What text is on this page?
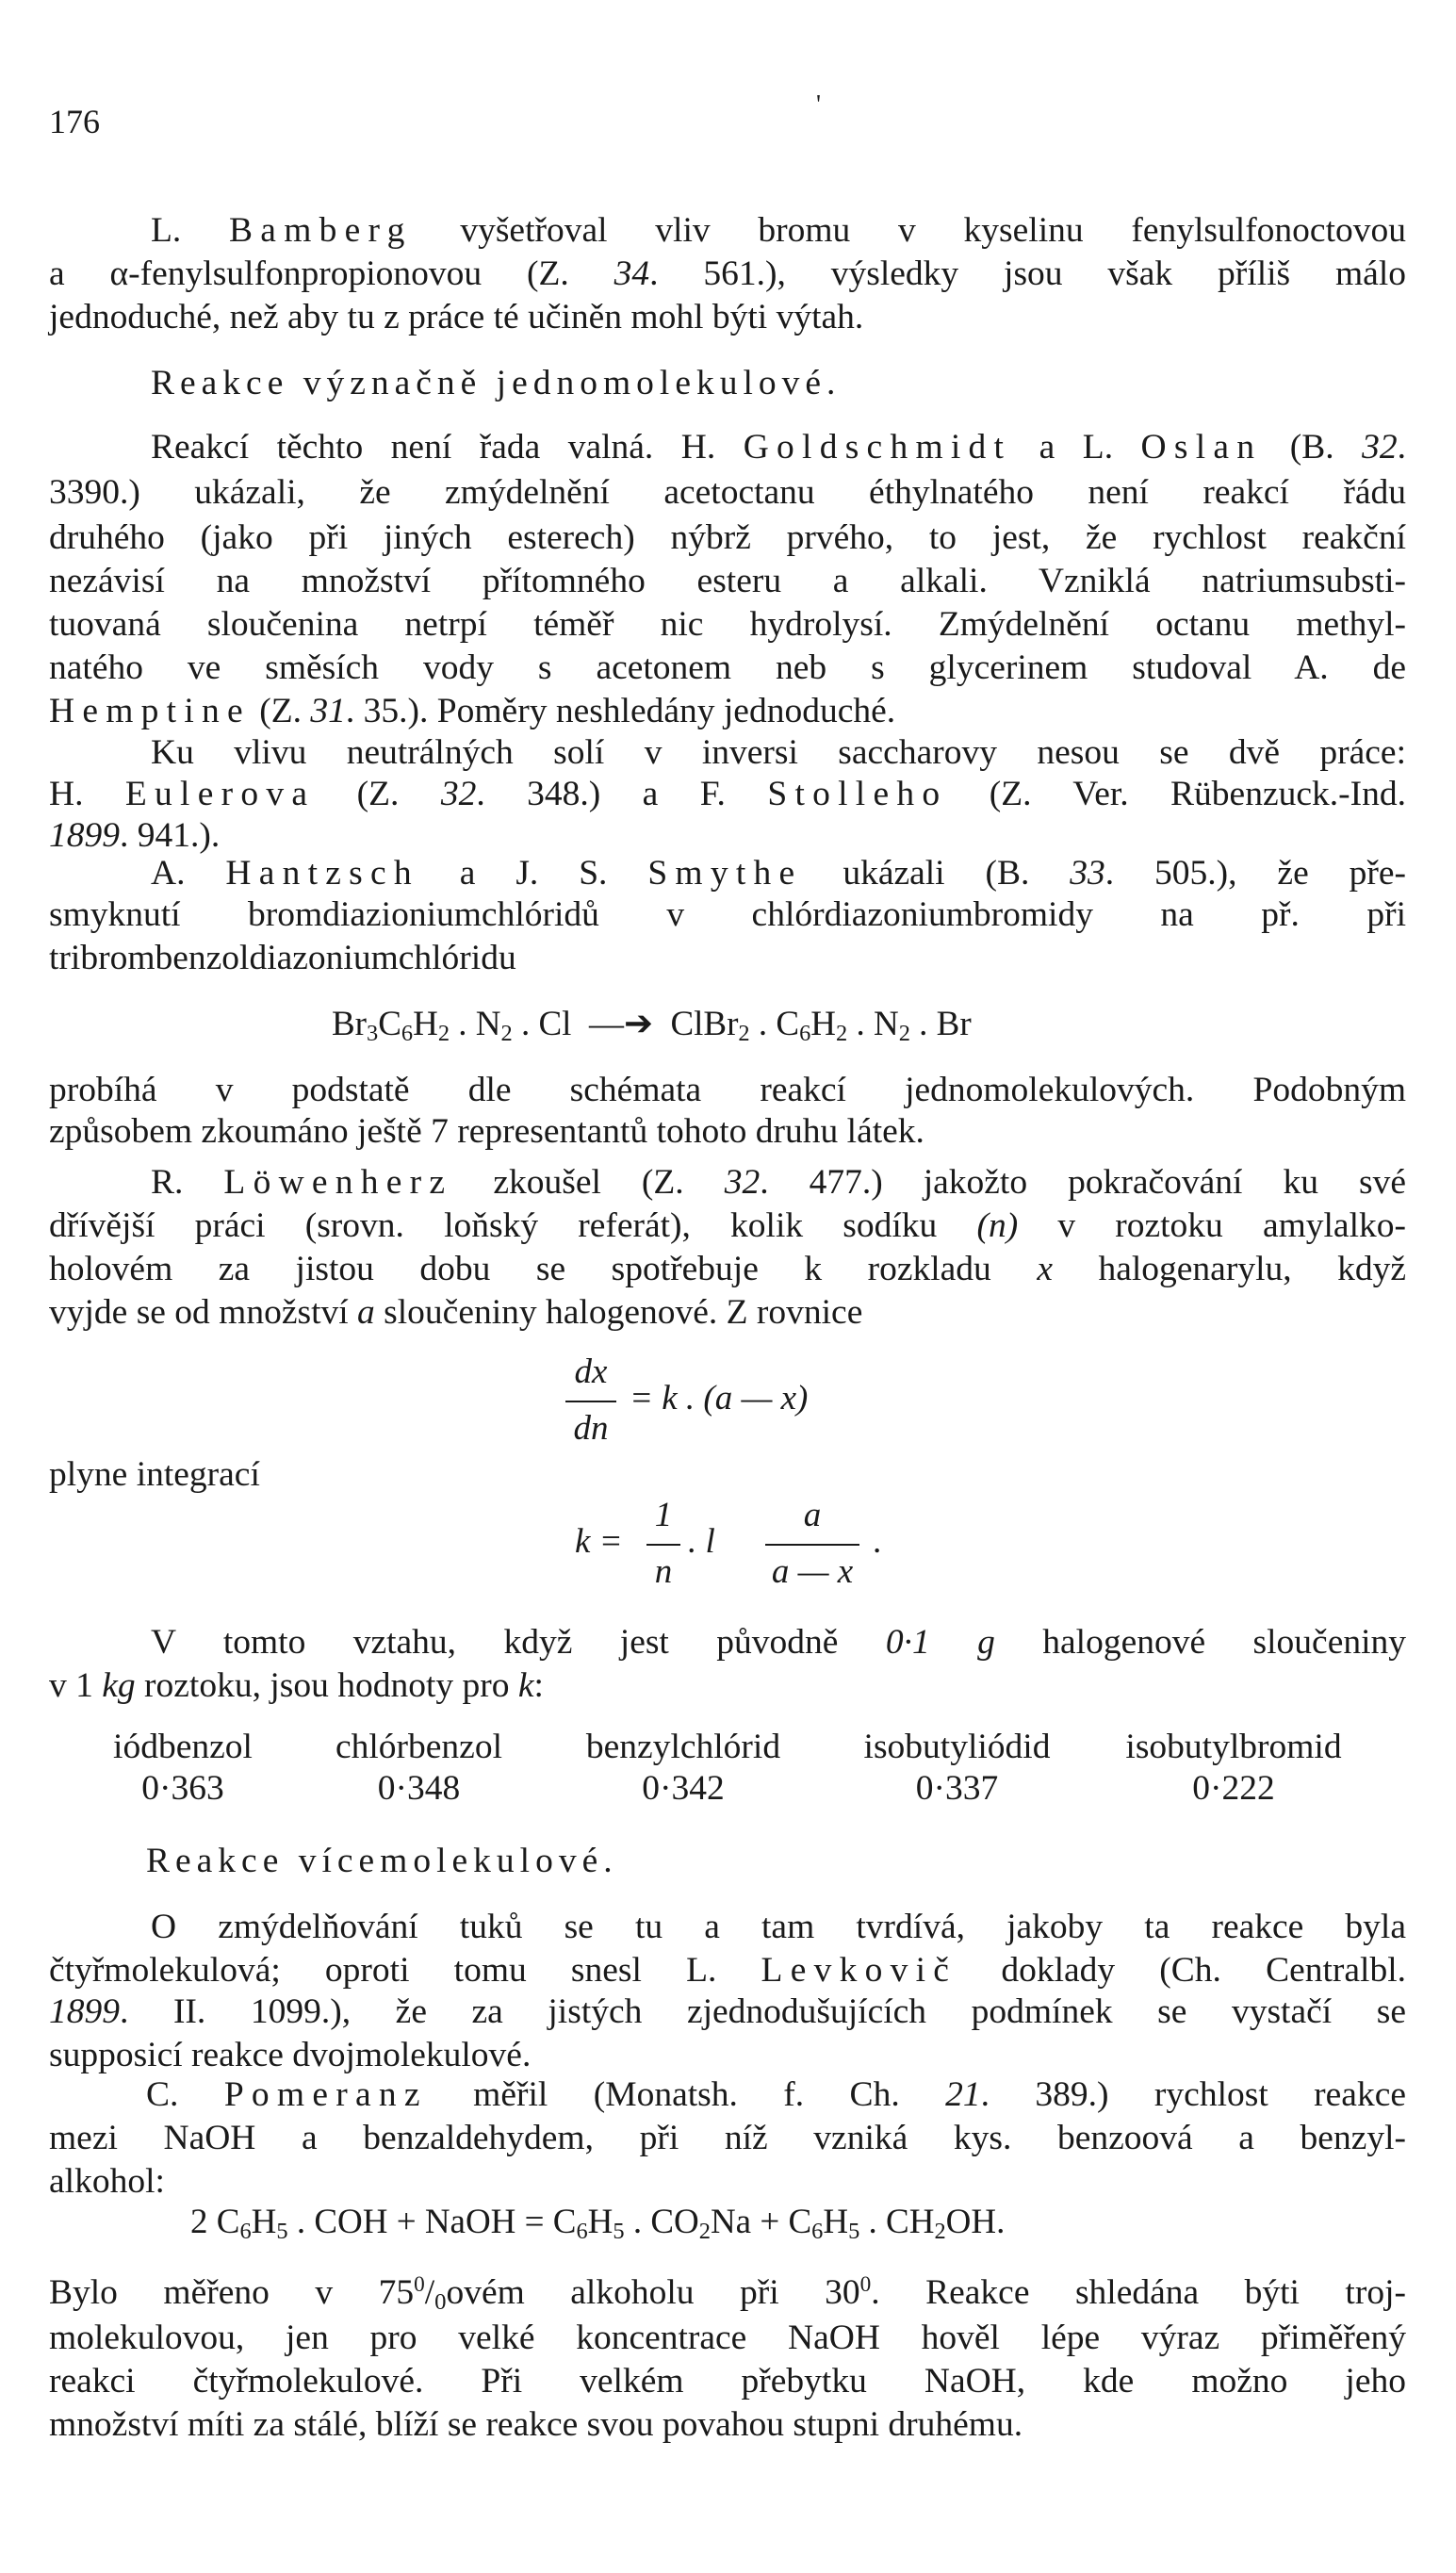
176	'
L. Bamberg vyšetřoval vliv bromu v kyselinu fenylsulfonoctovou
a α-fenylsulfonpropionovou (Z. 34. 561.), výsledky jsou však příliš málo
jednoduché, než aby tu z práce té učiněn mohl býti výtah.
Reakce význačně jednomolekulové.
Reakcí těchto není řada valná. H. Goldschmidt a L. Oslan (B. 32.
3390.) ukázali, že zmýdelnění acetoctanu éthylnatého není reakcí řádu
druhého (jako při jiných esterech) nýbrž prvého, to jest, že rychlost reakční
nezávisí na množství přítomného esteru a alkali. Vzniklá natriumsubsti-
tuovaná sloučenina netrpí téměř nic hydrolysí. Zmýdelnění octanu methyl-
natého ve směsích vody s acetonem neb s glycerinem studoval A. de
Hemptine (Z. 31. 35.). Poměry neshledány jednoduché.
Ku vlivu neutrálných solí v inversi saccharovy nesou se dvě práce:
H. Eulerova (Z. 32. 348.) a F. Stolleho (Z. Ver. Rübenzuck.-Ind.
1899. 941.).
A. Hantzsch a J. S. Smythe ukázali (B. 33. 505.), že pře-
smyknutí bromdiazioniumchlóridů v chlórdiazoniumbromidy na př. při
tribrombenzoldiazoniumchlóridu
$Br_3C_6H_2$ . $N_2$ . Cl —➔ ClBr$_2$ . $C_6H_2$ . $N_2$ . Br
probíhá v podstatě dle schémata reakcí jednomolekulových. Podobným
způsobem zkoumáno ještě 7 representantů tohoto druhu látek.
R. Löwenherz zkoušel (Z. 32. 477.) jakožto pokračování ku své
dřívější práci (srovn. loňský referát), kolik sodíku (n) v roztoku amylalko-
holovém za jistou dobu se spotřebuje k rozkladu x halogenarylu, když
vyjde se od množství a sloučeniny halogenové. Z rovnice
dx
dn
= k . (a — x)
plyne integrací
k =
1
n
. l
a
a — x
.
V tomto vztahu, když jest původně 0·1 g halogenové sloučeniny
v 1 kg roztoku, jsou hodnoty pro k:
iódbenzol	chlórbenzol	benzylchlórid	isobutyliódid	isobutylbromid
0·363	0·348	0·342	0·337	0·222
Reakce vícemolekulové.
O zmýdelňování tuků se tu a tam tvrdívá, jakoby ta reakce byla
čtyřmolekulová; oproti tomu snesl L. Levkovič doklady (Ch. Centralbl.
1899. II. 1099.), že za jistých zjednodušujících podmínek se vystačí se
supposicí reakce dvojmolekulové.
C. Pomeranz měřil (Monatsh. f. Ch. 21. 389.) rychlost reakce
mezi NaOH a benzaldehydem, při níž vzniká kys. benzoová a benzyl-
alkohol:
2 $C_6H_5$ . COH + NaOH = $C_6H_5$ . $CO_2Na + C_6H_5$ . $CH_2OH$.
Bylo měřeno v $75^0/_0ovém$ alkoholu při $30^0$. Reakce shledána býti troj-
molekulovou, jen pro velké koncentrace NaOH hověl lépe výraz přiměřený
reakci čtyřmolekulové. Při velkém přebytku NaOH, kde možno jeho
množství míti za stálé, blíží se reakce svou povahou stupni druhému.
